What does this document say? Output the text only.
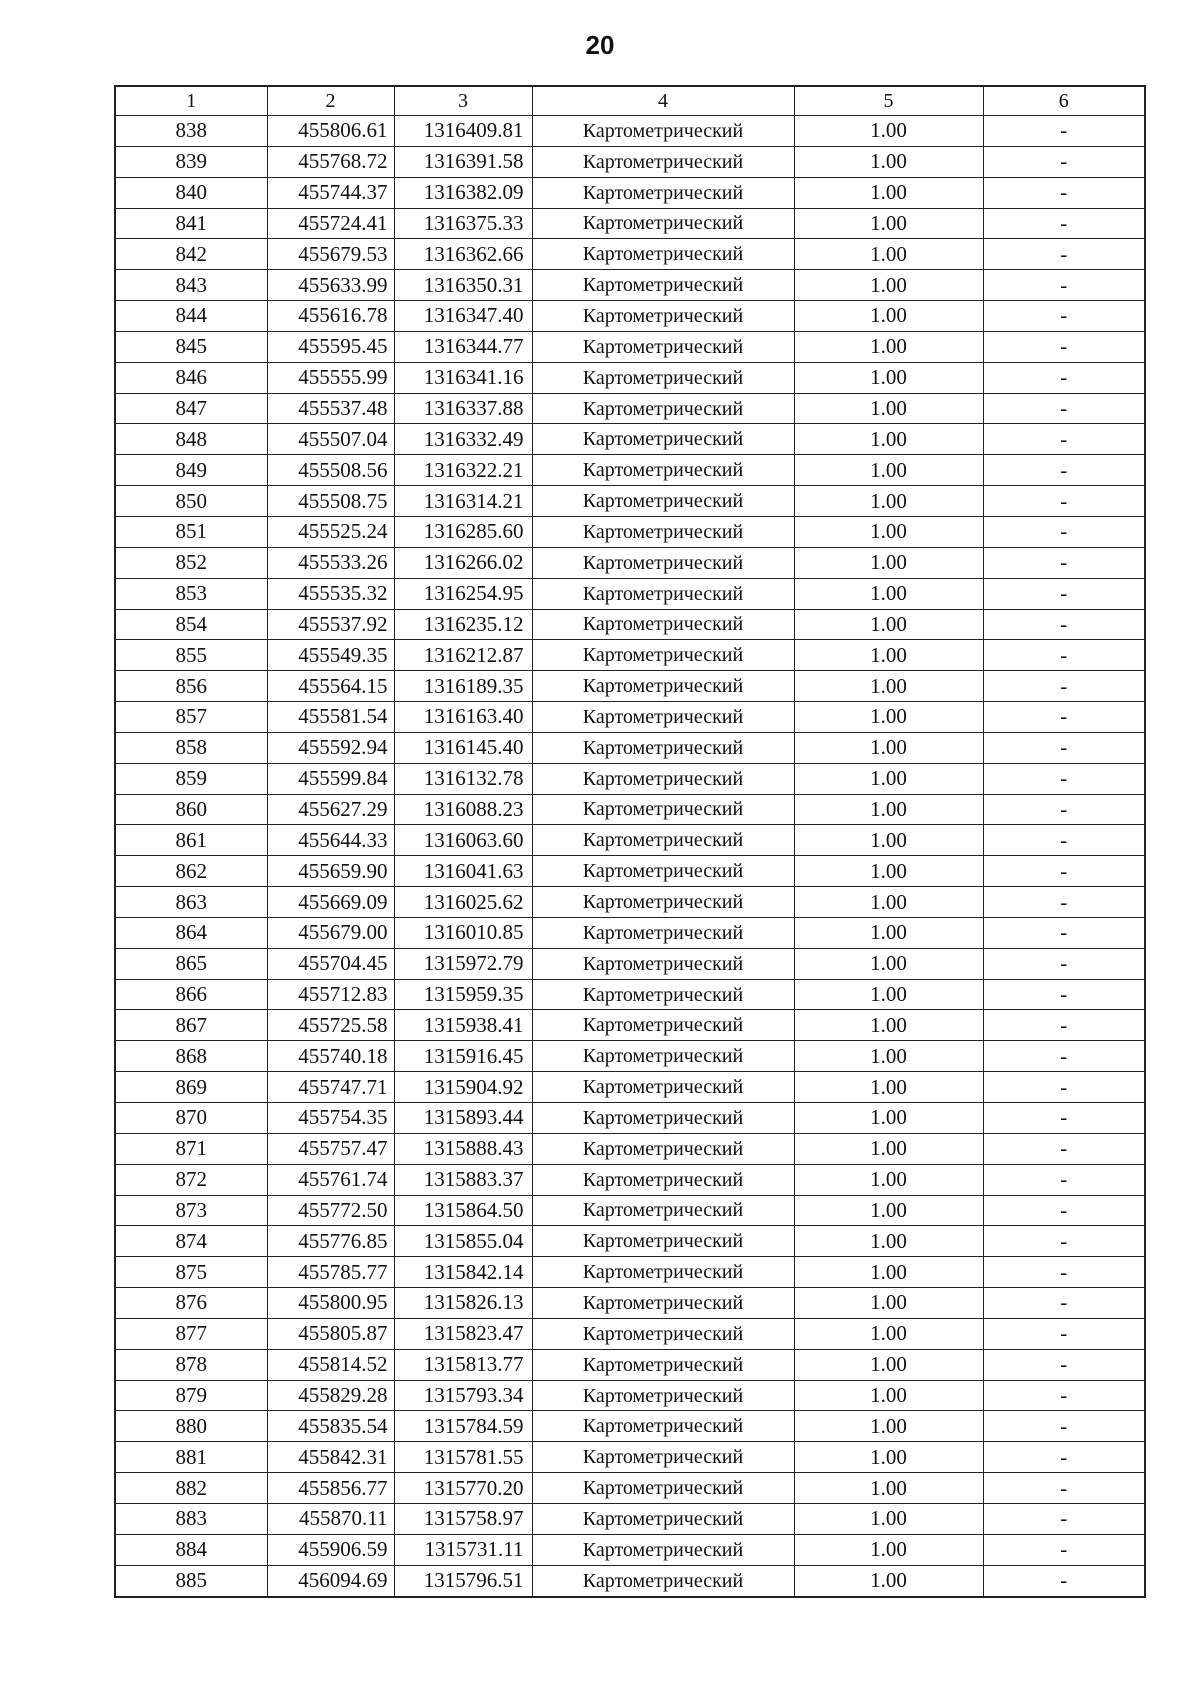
20
1	2	3	4	5	6
838	455806.61	1316409.81	Картометрический	1.00	-
839	455768.72	1316391.58	Картометрический	1.00	-
840	455744.37	1316382.09	Картометрический	1.00	-
841	455724.41	1316375.33	Картометрический	1.00	-
842	455679.53	1316362.66	Картометрический	1.00	-
843	455633.99	1316350.31	Картометрический	1.00	-
844	455616.78	1316347.40	Картометрический	1.00	-
845	455595.45	1316344.77	Картометрический	1.00	-
846	455555.99	1316341.16	Картометрический	1.00	-
847	455537.48	1316337.88	Картометрический	1.00	-
848	455507.04	1316332.49	Картометрический	1.00	-
849	455508.56	1316322.21	Картометрический	1.00	-
850	455508.75	1316314.21	Картометрический	1.00	-
851	455525.24	1316285.60	Картометрический	1.00	-
852	455533.26	1316266.02	Картометрический	1.00	-
853	455535.32	1316254.95	Картометрический	1.00	-
854	455537.92	1316235.12	Картометрический	1.00	-
855	455549.35	1316212.87	Картометрический	1.00	-
856	455564.15	1316189.35	Картометрический	1.00	-
857	455581.54	1316163.40	Картометрический	1.00	-
858	455592.94	1316145.40	Картометрический	1.00	-
859	455599.84	1316132.78	Картометрический	1.00	-
860	455627.29	1316088.23	Картометрический	1.00	-
861	455644.33	1316063.60	Картометрический	1.00	-
862	455659.90	1316041.63	Картометрический	1.00	-
863	455669.09	1316025.62	Картометрический	1.00	-
864	455679.00	1316010.85	Картометрический	1.00	-
865	455704.45	1315972.79	Картометрический	1.00	-
866	455712.83	1315959.35	Картометрический	1.00	-
867	455725.58	1315938.41	Картометрический	1.00	-
868	455740.18	1315916.45	Картометрический	1.00	-
869	455747.71	1315904.92	Картометрический	1.00	-
870	455754.35	1315893.44	Картометрический	1.00	-
871	455757.47	1315888.43	Картометрический	1.00	-
872	455761.74	1315883.37	Картометрический	1.00	-
873	455772.50	1315864.50	Картометрический	1.00	-
874	455776.85	1315855.04	Картометрический	1.00	-
875	455785.77	1315842.14	Картометрический	1.00	-
876	455800.95	1315826.13	Картометрический	1.00	-
877	455805.87	1315823.47	Картометрический	1.00	-
878	455814.52	1315813.77	Картометрический	1.00	-
879	455829.28	1315793.34	Картометрический	1.00	-
880	455835.54	1315784.59	Картометрический	1.00	-
881	455842.31	1315781.55	Картометрический	1.00	-
882	455856.77	1315770.20	Картометрический	1.00	-
883	455870.11	1315758.97	Картометрический	1.00	-
884	455906.59	1315731.11	Картометрический	1.00	-
885	456094.69	1315796.51	Картометрический	1.00	-
